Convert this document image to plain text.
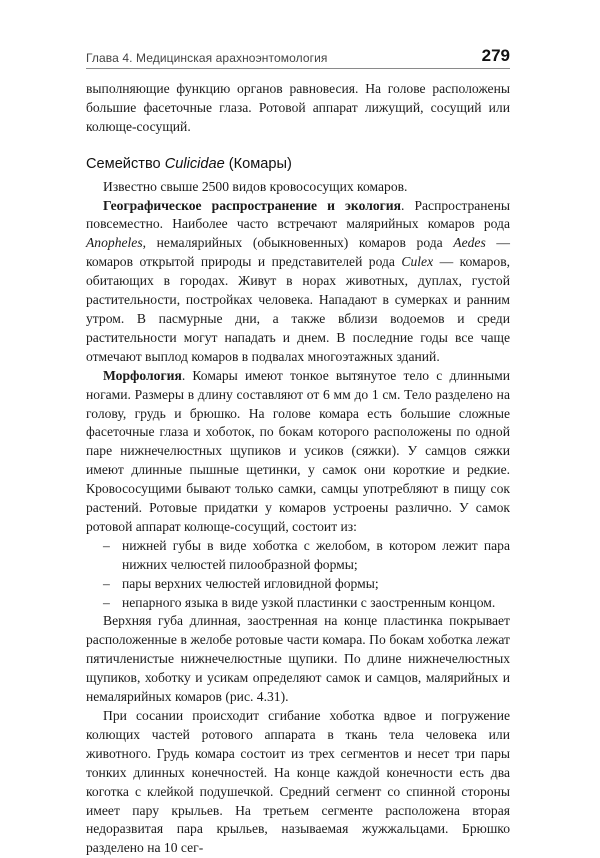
Глава 4. Медицинская арахноэнтомология	279

выполняющие функцию органов равновесия. На голове расположены большие фасеточные глаза. Ротовой аппарат лижущий, сосущий или колюще-сосущий.

Семейство Culicidae (Комары)

Известно свыше 2500 видов кровососущих комаров.

Географическое распространение и экология. Распространены повсеместно. Наиболее часто встречают малярийных комаров рода Anopheles, немалярийных (обыкновенных) комаров рода Aedes — комаров открытой природы и представителей рода Culex — комаров, обитающих в городах. Живут в норах животных, дуплах, густой растительности, постройках человека. Нападают в сумерках и ранним утром. В пасмурные дни, а также вблизи водоемов и среди растительности могут нападать и днем. В последние годы все чаще отмечают выплод комаров в подвалах многоэтажных зданий.

Морфология. Комары имеют тонкое вытянутое тело с длинными ногами. Размеры в длину составляют от 6 мм до 1 см. Тело разделено на голову, грудь и брюшко. На голове комара есть большие сложные фасеточные глаза и хоботок, по бокам которого расположены по одной паре нижнечелюстных щупиков и усиков (сяжки). У самцов сяжки имеют длинные пышные щетинки, у самок они короткие и редкие. Кровососущими бывают только самки, самцы употребляют в пищу сок растений. Ротовые придатки у комаров устроены различно. У самок ротовой аппарат колюще-сосущий, состоит из:

– нижней губы в виде хоботка с желобом, в котором лежит пара нижних челюстей пилообразной формы;
– пары верхних челюстей игловидной формы;
– непарного языка в виде узкой пластинки с заостренным концом.

Верхняя губа длинная, заостренная на конце пластинка покрывает расположенные в желобе ротовые части комара. По бокам хоботка лежат пятичленистые нижнечелюстные щупики. По длине нижнечелюстных щупиков, хоботку и усикам определяют самок и самцов, малярийных и немалярийных комаров (рис. 4.31).

При сосании происходит сгибание хоботка вдвое и погружение колющих частей ротового аппарата в ткань тела человека или животного. Грудь комара состоит из трех сегментов и несет три пары тонких длинных конечностей. На конце каждой конечности есть два коготка с клейкой подушечкой. Средний сегмент со спинной стороны имеет пару крыльев. На третьем сегменте расположена вторая недоразвитая пара крыльев, называемая жужжальцами. Брюшко разделено на 10 сег-
